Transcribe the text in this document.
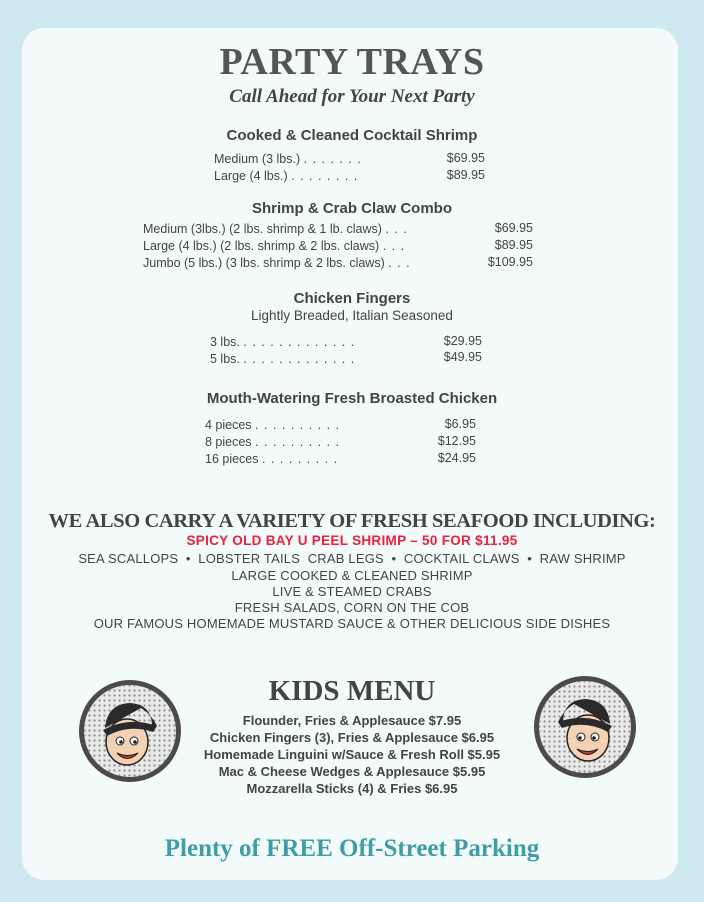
PARTY TRAYS
Call Ahead for Your Next Party
Cooked & Cleaned Cocktail Shrimp
Medium (3 lbs.) . . . . . . .	$69.95
Large (4 lbs.) . . . . . . . .	$89.95
Shrimp & Crab Claw Combo
Medium (3lbs.) (2 lbs. shrimp & 1 lb. claws) . . .	$69.95
Large (4 lbs.) (2 lbs. shrimp & 2 lbs. claws) . . .	$89.95
Jumbo (5 lbs.) (3 lbs. shrimp & 2 lbs. claws) . . .	$109.95
Chicken Fingers
Lightly Breaded, Italian Seasoned
3 lbs. . . . . . . . . . . . . .	$29.95
5 lbs. . . . . . . . . . . . . .	$49.95
Mouth-Watering Fresh Broasted Chicken
4 pieces . . . . . . . . . .	$6.95
8 pieces . . . . . . . . . .	$12.95
16 pieces . . . . . . . . .	$24.95
WE ALSO CARRY A VARIETY OF FRESH SEAFOOD INCLUDING:
SPICY OLD BAY U PEEL SHRIMP – 50 FOR $11.95
SEA SCALLOPS  •  LOBSTER TAILS  CRAB LEGS  •  COCKTAIL CLAWS  •  RAW SHRIMP
LARGE COOKED & CLEANED SHRIMP
LIVE & STEAMED CRABS
FRESH SALADS, CORN ON THE COB
OUR FAMOUS HOMEMADE MUSTARD SAUCE & OTHER DELICIOUS SIDE DISHES
KIDS MENU
Flounder, Fries & Applesauce $7.95
Chicken Fingers (3), Fries & Applesauce $6.95
Homemade Linguini w/Sauce & Fresh Roll $5.95
Mac & Cheese Wedges & Applesauce $5.95
Mozzarella Sticks (4) & Fries $6.95
Plenty of FREE Off-Street Parking
